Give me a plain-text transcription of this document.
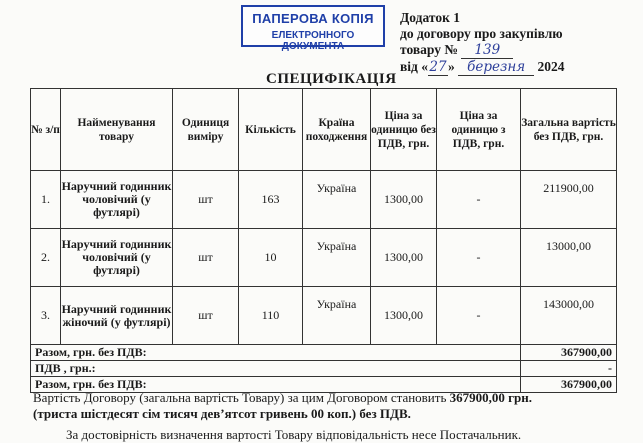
ПАПЕРОВА КОПІЯ
ЕЛЕКТРОННОГО ДОКУМЕНТА
Додаток 1
до договору про закупівлю
товару № 139
від «27» березня 2024
СПЕЦИФІКАЦІЯ
№ з/п	Найменування товару	Одиниця виміру	Кількість	Країна походження	Ціна за одиницю без ПДВ, грн.	Ціна за одиницю з ПДВ, грн.	Загальна вартість без ПДВ, грн.
1.	Наручний годинник чоловічий (у футлярі)	шт	163	Україна	1300,00	-	211900,00
2.	Наручний годинник чоловічий (у футлярі)	шт	10	Україна	1300,00	-	13000,00
3.	Наручний годинник жіночий (у футлярі)	шт	110	Україна	1300,00	-	143000,00
Разом, грн. без ПДВ:							367900,00
ПДВ , грн.:							-
Разом, грн. без ПДВ:							367900,00
Вартість Договору (загальна вартість Товару) за цим Договором становить 367900,00 грн.
(триста шістдесят сім тисяч дев’ятсот гривень 00 коп.) без ПДВ.
За достовірність визначення вартості Товару відповідальність несе Постачальник.
